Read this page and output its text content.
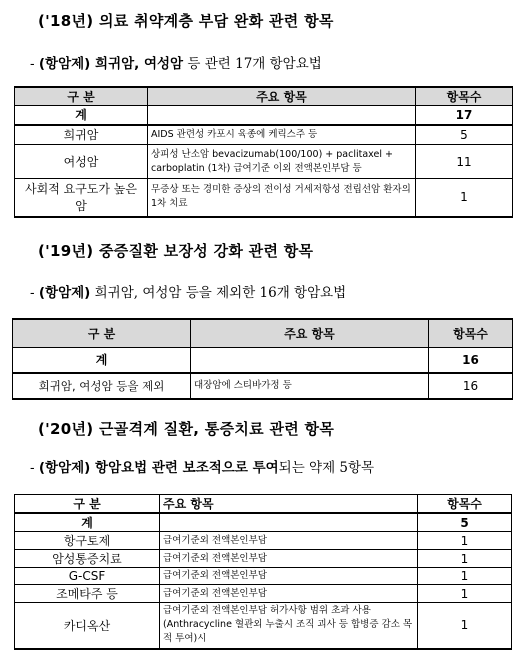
('18년) 의료 취약계층 부담 완화 관련 항목
- (항암제) 희귀암, 여성암 등 관련 17개 항암요법
구 분	주요 항목	항목수
계		17
희귀암	AIDS 관련성 카포시 육종에 케릭스주 등	5
여성암	상피성 난소암 bevacizumab(100/100) + paclitaxel + carboplatin (1차) 급여기준 이외 전액본인부담 등	11
사회적 요구도가 높은 암	무증상 또는 경미한 증상의 전이성 거세저항성 전립선암 환자의 1차 치료	1
('19년) 중증질환 보장성 강화 관련 항목
- (항암제) 희귀암, 여성암 등을 제외한 16개 항암요법
구 분	주요 항목	항목수
계		16
희귀암, 여성암 등을 제외	대장암에 스티바가정 등	16
('20년) 근골격계 질환, 통증치료 관련 항목
- (항암제) 항암요법 관련 보조적으로 투여되는 약제 5항목
구 분	주요 항목	항목수
계		5
항구토제	급여기준외 전액본인부담	1
암성통증치료	급여기준외 전액본인부담	1
G-CSF	급여기준외 전액본인부담	1
조메타주 등	급여기준외 전액본인부담	1
카디옥산	급여기준외 전액본인부담 허가사항 범위 초과 사용(Anthracycline 혈관외 누출시 조직 괴사 등 합병증 감소 목적 투여)시	1
